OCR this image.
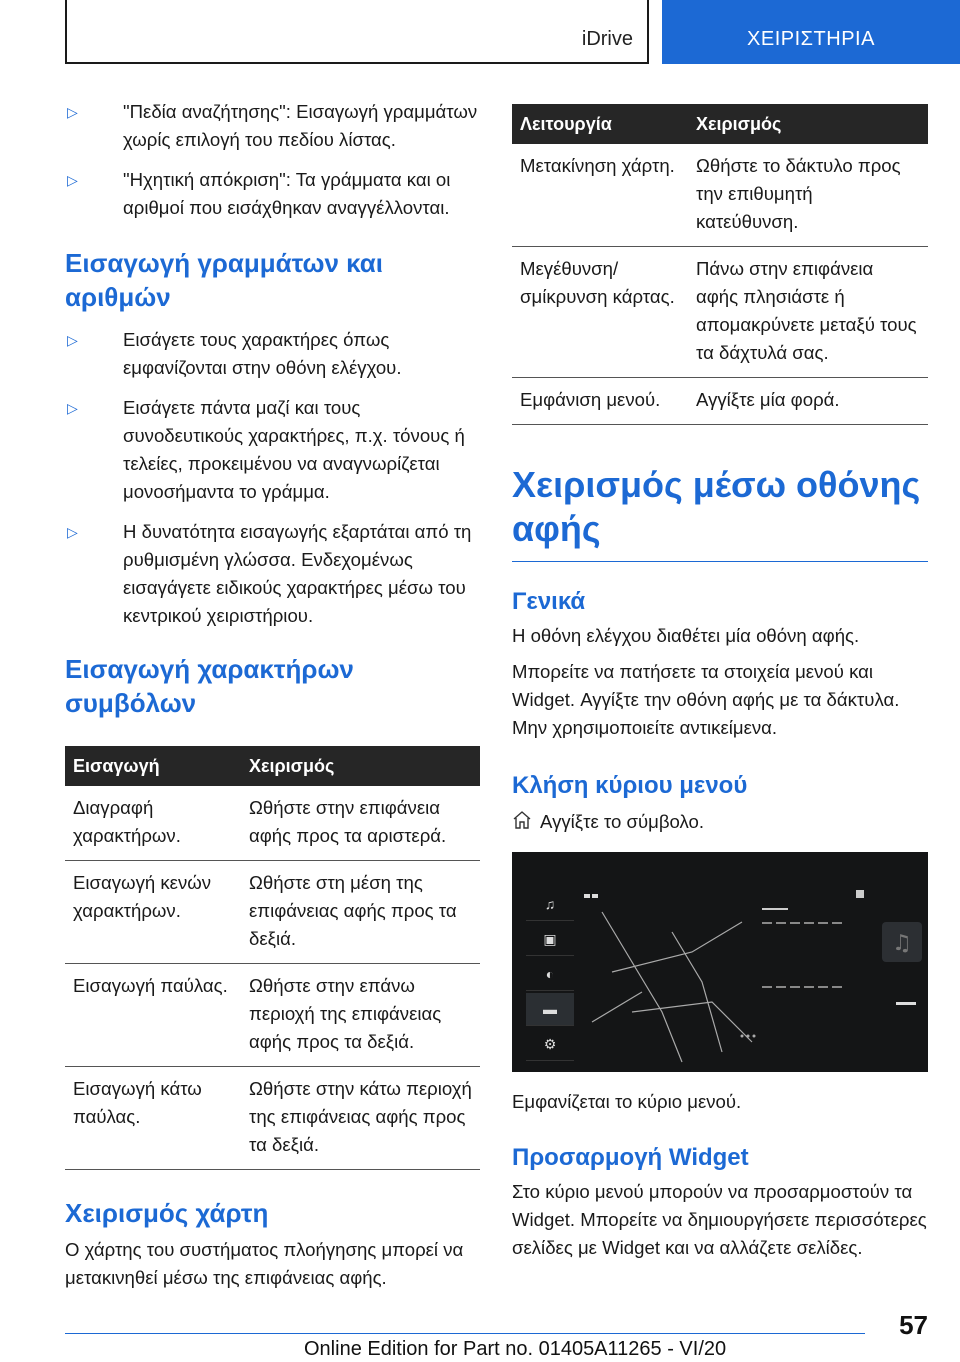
iDrive	ΧΕΙΡΙΣΤΗΡΙΑ
▷ "Πεδία αναζήτησης": Εισαγωγή γραμμάτων χωρίς επιλογή του πεδίου λίστας.
▷ "Ηχητική απόκριση": Τα γράμματα και οι αριθμοί που εισάχθηκαν αναγγέλλονται.
Εισαγωγή γραμμάτων και αριθμών
▷ Εισάγετε τους χαρακτήρες όπως εμφανίζονται στην οθόνη ελέγχου.
▷ Εισάγετε πάντα μαζί και τους συνοδευτικούς χαρακτήρες, π.χ. τόνους ή τελείες, προκειμένου να αναγνωρίζεται μονοσήμαντα το γράμμα.
▷ Η δυνατότητα εισαγωγής εξαρτάται από τη ρυθμισμένη γλώσσα. Ενδεχομένως εισαγάγετε ειδικούς χαρακτήρες μέσω του κεντρικού χειριστήριου.
Εισαγωγή χαρακτήρων συμβόλων
Εισαγωγή	Χειρισμός
Διαγραφή χαρακτήρων.	Ωθήστε στην επιφάνεια αφής προς τα αριστερά.
Εισαγωγή κενών χαρακτήρων.	Ωθήστε στη μέση της επιφάνειας αφής προς τα δεξιά.
Εισαγωγή παύλας.	Ωθήστε στην επάνω περιοχή της επιφάνειας αφής προς τα δεξιά.
Εισαγωγή κάτω παύλας.	Ωθήστε στην κάτω περιοχή της επιφάνειας αφής προς τα δεξιά.
Χειρισμός χάρτη

Ο χάρτης του συστήματος πλοήγησης μπορεί να μετακινηθεί μέσω της επιφάνειας αφής.

Λειτουργία	Χειρισμός
Μετακίνηση χάρτη.	Ωθήστε το δάκτυλο προς την επιθυμητή κατεύθυνση.
Μεγέθυνση/σμίκρυνση κάρτας.	Πάνω στην επιφάνεια αφής πλησιάστε ή απομακρύνετε μεταξύ τους τα δάχτυλά σας.
Εμφάνιση μενού.	Αγγίξτε μία φορά.
Χειρισμός μέσω οθόνης αφής
Γενικά

Η οθόνη ελέγχου διαθέτει μία οθόνη αφής.

Μπορείτε να πατήσετε τα στοιχεία μενού και Widget. Αγγίξτε την οθόνη αφής με τα δάκτυλα. Μην χρησιμοποιείτε αντικείμενα.

Κλήση κύριου μενού

Αγγίξτε το σύμβολο.

♫
▣
◐
▬
⚙
♫

Εμφανίζεται το κύριο μενού.

Προσαρμογή Widget

Στο κύριο μενού μπορούν να προσαρμοστούν τα Widget. Μπορείτε να δημιουργήσετε περισσότερες σελίδες με Widget και να αλλάζετε σελίδες.

57
Online Edition for Part no. 01405A11265 - VI/20
